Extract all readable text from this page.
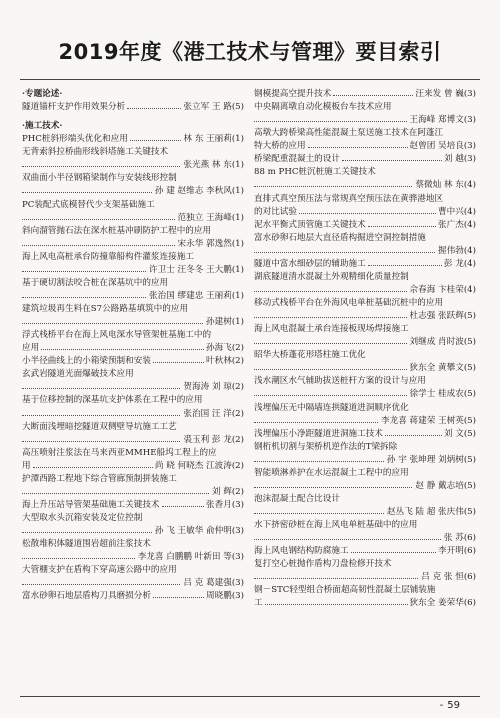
2019年度《港工技术与管理》要目索引
·专题论述·
隧道锚杆支护作用效果分析	张立军 王 路(5)
·施工技术·
PHC桩斜形端头优化和应用	林 东 王丽莉(1)
无背索斜拉桥曲形线斜塔施工关键技术
张光燕 林 东(1)
双曲面小半径钢箱梁制作与安装线形控制
孙 建 赵维志 李秋风(1)
PC装配式底模替代少支架基础施工
范独立 王海峰(1)
斜向溜管抛石法在深水桩基冲刷防护工程中的应用
宋永华 郭逸然(1)
海上风电高桩承台防撞靠船构件灌浆连接施工
许卫士 汪冬冬 王大鹏(1)
基于硬切割法咬合桩在深基坑中的应用
张治国 缪建忠 王丽莉(1)
建筑垃圾再生料在S7公路路基填筑中的应用
孙建树(1)
浮式栈桥平台在海上风电深水导管架桩基施工中的
应用	孙海飞(2)
小半径曲线上的小箱梁预制和安装	叶秋林(2)
玄武岩隧道光面爆破技术应用
贺海涛 刘 琼(2)
基于位移控制的深基坑支护体系在工程中的应用
张治国 汪 洋(2)
大断面浅埋暗挖隧道双侧壁导坑施工工艺
裘玉利 彭 龙(2)
高压喷射注浆法在马来西亚MMHE船坞工程上的应
用	尚 晓 何晓杰 江波涛(2)
护潭西路工程地下综合管廊预制拼装施工
刘 辉(2)
海上升压站导管架基础施工关键技术	张香月(3)
大型取水头沉箱安装及定位控制
孙 飞 王敏华 俞仲明(3)
松散堆积体隧道围岩超前注浆技术
李龙喜 白鹏鹏 叶新田 等(3)
大管棚支护在盾构下穿高速公路中的应用
吕 克 葛建强(3)
富水砂卵石地层盾构刀具磨损分析	周晓鹏(3)
钢模提高空提升技术	汪来发 曾 巍(3)
中央隔离墩自动化模板台车技术应用
王海峰 郑博文(3)
高墩大跨桥梁高性能混凝土泵送施工技术在阿蓬江
特大桥的应用	赵曾团 吴培良(3)
桥梁配重混凝土的设计	刘 越(3)
88 m PHC桩沉桩施工关键技术
蔡微灿 林 东(4)
直排式真空预压法与常规真空预压法在黄骅港地区
的对比试验	曹中兴(4)
泥水平衡式顶管施工关键技术	张广杰(4)
富水砂卵石地层大直径盾构掘进空洞控制措施
握伟勃(4)
隧道中富水细砂层的辅助施工	彭 龙(4)
湖底隧道清水混凝土外观精细化质量控制
佘春海 卞桂荣(4)
移动式栈桥平台在外海风电单桩基础沉桩中的应用
杜志强 张跃辉(5)
海上风电混凝土承台连接板现场焊接施工
刘继成 肖时波(5)
昭华大桥蓬花形塔柱施工优化
狄东全 黄攀文(5)
浅水潮区水气辅助拔送桩杆方案的设计与应用
徐学士 桂成农(5)
浅埋偏压无中隔墙连拱隧道进洞顺序优化
李龙喜 蒋建荣 王树英(5)
浅埋偏压小净距隧道进洞施工技术	刘 文(5)
钢桁机切割与架桥机逆作法的T梁拆除
孙 宇 张坤理 刘炳树(5)
智能喷淋养护在水运混凝土工程中的应用
赵 静 戴志培(5)
泡沫混凝土配合比设计
赵丛飞 陆 超 张庆伟(5)
水下挤密砂桩在海上风电单桩基础中的应用
张 苏(6)
海上风电钢结构防腐施工	李开明(6)
复打空心桩抛作盾构刀盘检修开技术
吕 克 张 恒(6)
钢－STC轻型组合桥面超高韧性混凝土层铺装施
工	狄东全 姜荣华(6)
- 59
